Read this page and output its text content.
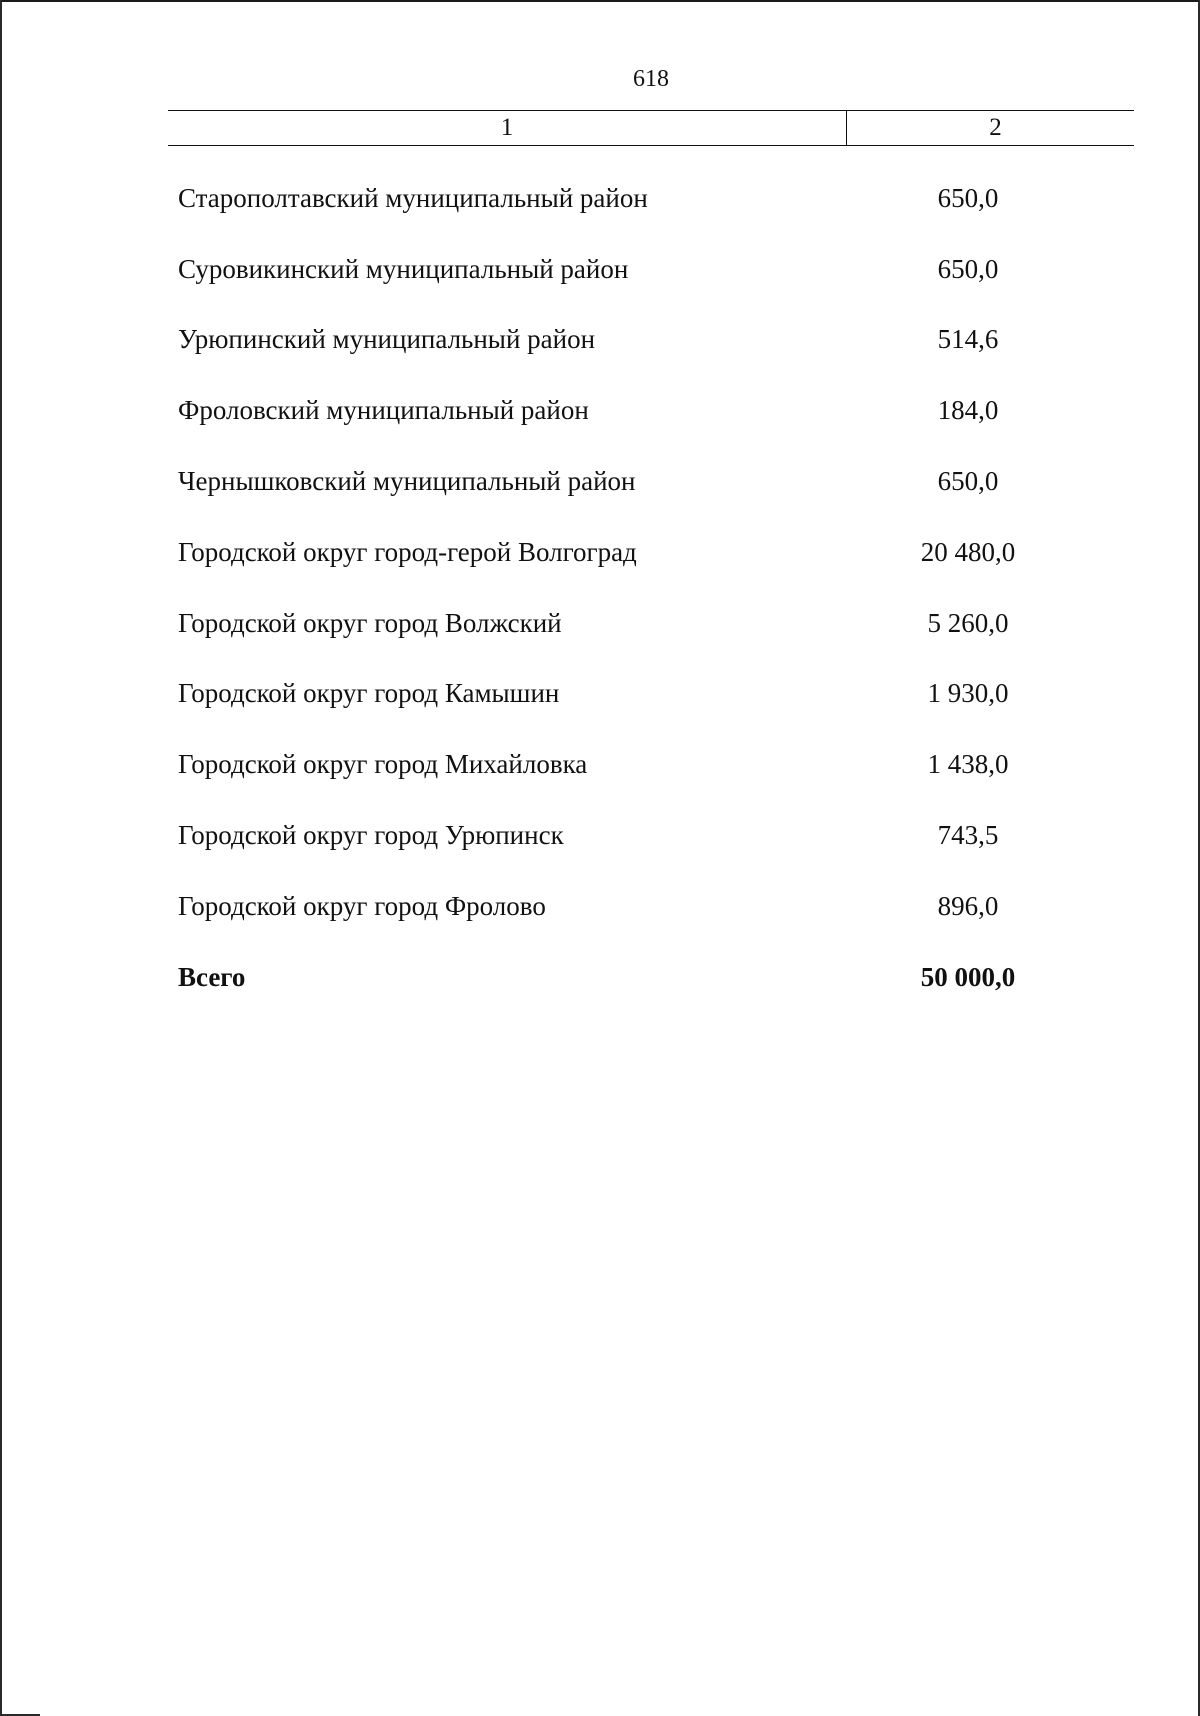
618
1	2
Старополтавский муниципальный район	650,0
Суровикинский муниципальный район	650,0
Урюпинский муниципальный район	514,6
Фроловский муниципальный район	184,0
Чернышковский муниципальный район	650,0
Городской округ город-герой Волгоград	20 480,0
Городской округ город Волжский	5 260,0
Городской округ город Камышин	1 930,0
Городской округ город Михайловка	1 438,0
Городской округ город Урюпинск	743,5
Городской округ город Фролово	896,0
Всего	50 000,0
